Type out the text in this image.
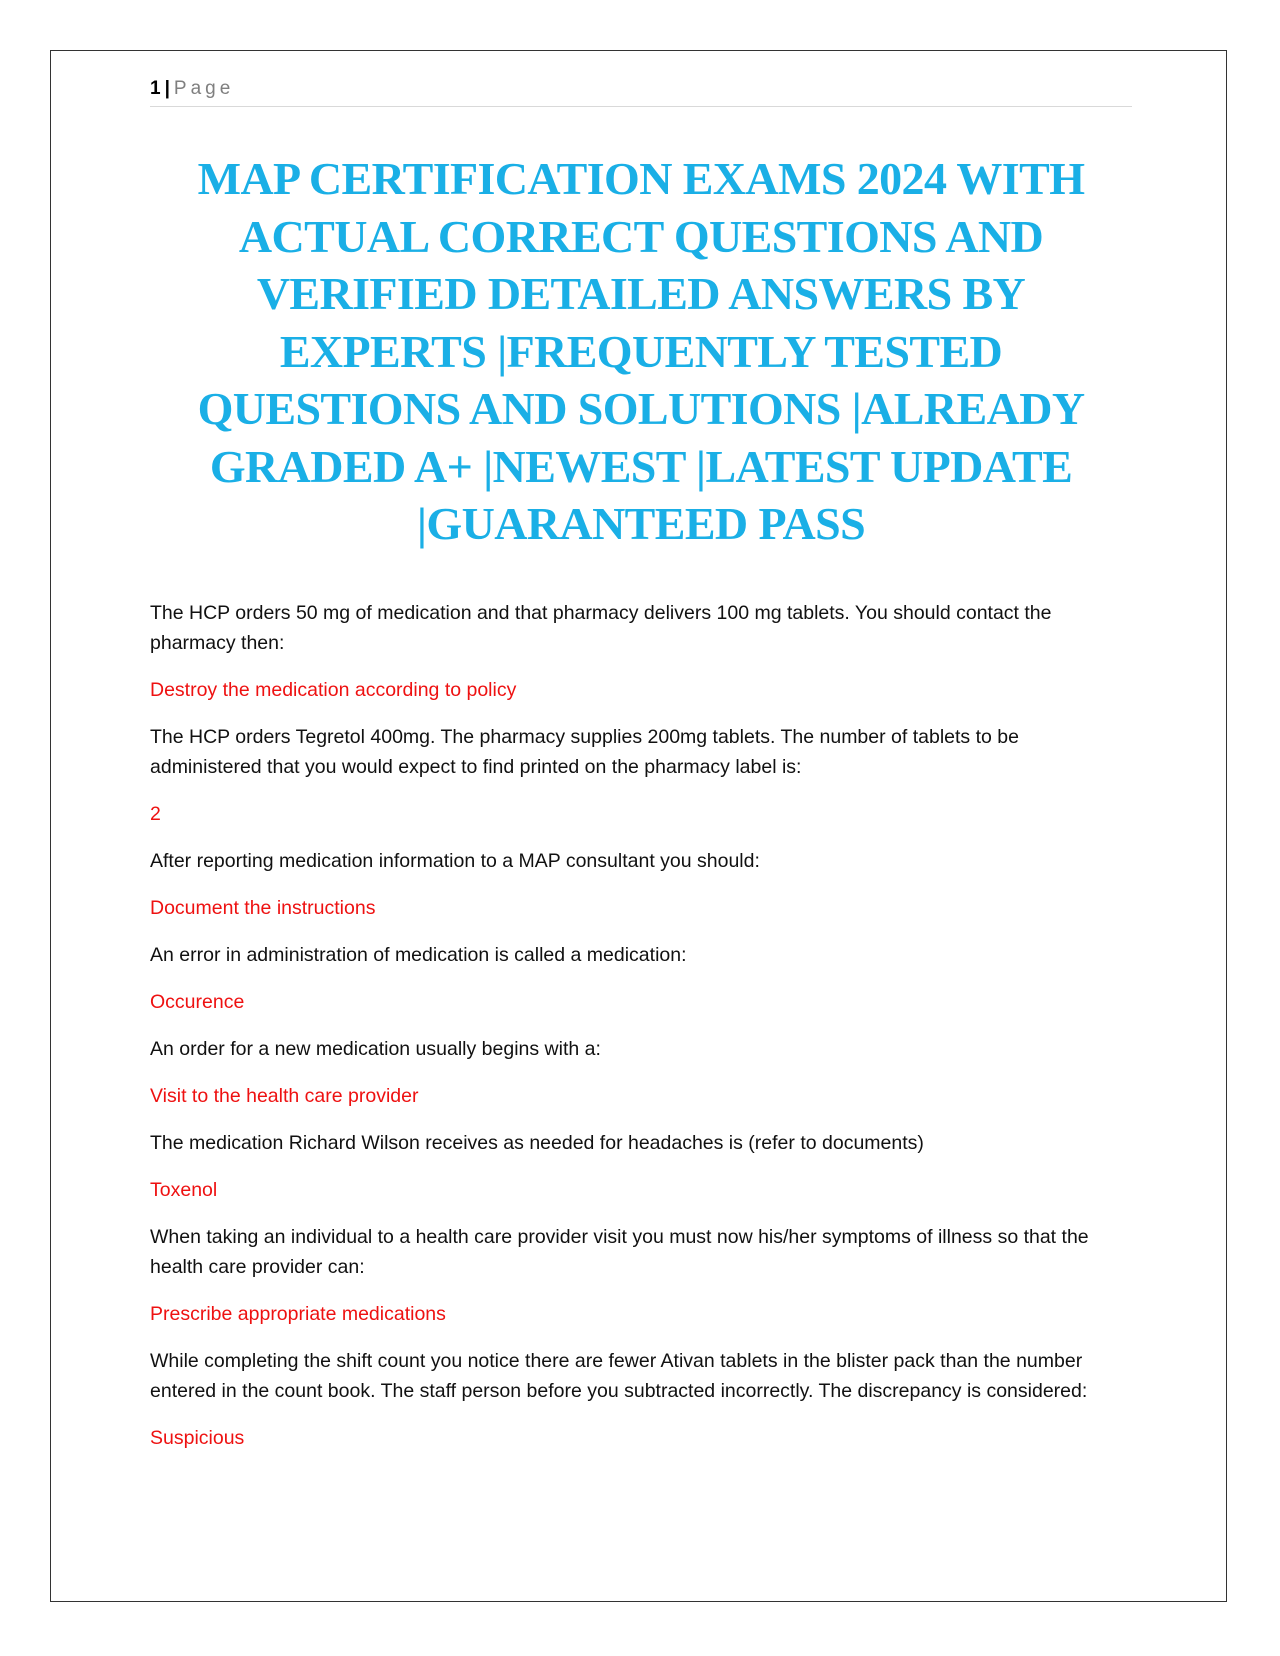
1 | Page
MAP CERTIFICATION EXAMS 2024 WITH ACTUAL CORRECT QUESTIONS AND VERIFIED DETAILED ANSWERS BY EXPERTS |FREQUENTLY TESTED QUESTIONS AND SOLUTIONS |ALREADY GRADED A+ |NEWEST |LATEST UPDATE |GUARANTEED PASS

The HCP orders 50 mg of medication and that pharmacy delivers 100 mg tablets. You should contact the pharmacy then:

Destroy the medication according to policy

The HCP orders Tegretol 400mg. The pharmacy supplies 200mg tablets. The number of tablets to be administered that you would expect to find printed on the pharmacy label is:

2

After reporting medication information to a MAP consultant you should:

Document the instructions

An error in administration of medication is called a medication:

Occurence

An order for a new medication usually begins with a:

Visit to the health care provider

The medication Richard Wilson receives as needed for headaches is (refer to documents)

Toxenol

When taking an individual to a health care provider visit you must now his/her symptoms of illness so that the health care provider can:

Prescribe appropriate medications

While completing the shift count you notice there are fewer Ativan tablets in the blister pack than the number entered in the count book. The staff person before you subtracted incorrectly. The discrepancy is considered:

Suspicious
